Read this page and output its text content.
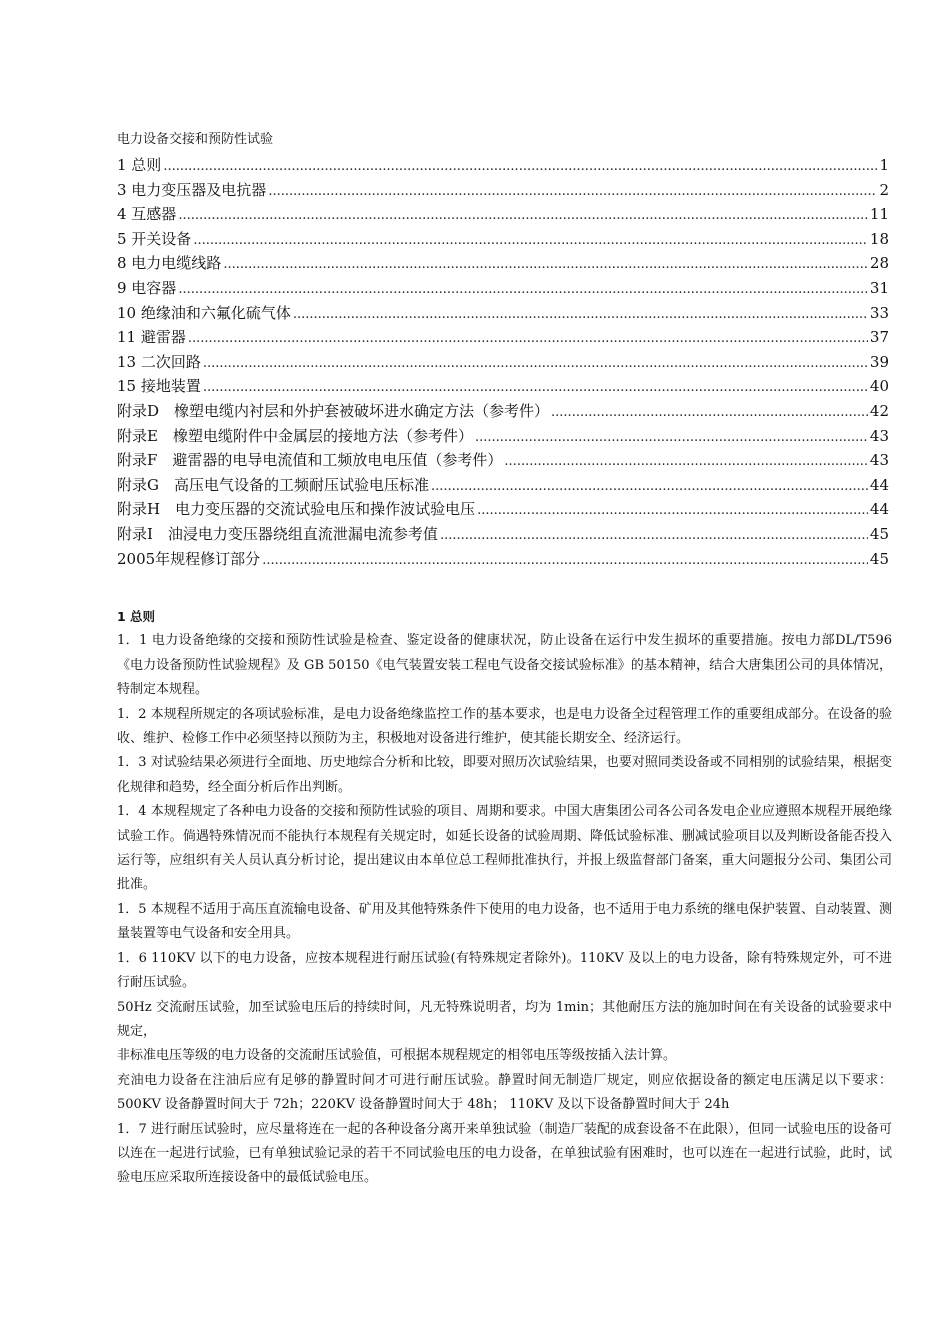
电力设备交接和预防性试验
1 总则 .....	1
3 电力变压器及电抗器 .....	2
4 互感器 .....	11
5 开关设备 .....	18
8 电力电缆线路 .....	28
9 电容器 .....	31
10 绝缘油和六氟化硫气体 .....	33
11 避雷器 .....	37
13 二次回路 .....	39
15 接地装置 .....	40
附录D　橡塑电缆内衬层和外护套被破坏进水确定方法（参考件） .....	42
附录E　橡塑电缆附件中金属层的接地方法（参考件） .....	43
附录F　避雷器的电导电流值和工频放电电压值（参考件） .....	43
附录G　高压电气设备的工频耐压试验电压标准 .....	44
附录H　电力变压器的交流试验电压和操作波试验电压 .....	44
附录I　油浸电力变压器绕组直流泄漏电流参考值 .....	45
2005年规程修订部分 .....	45
1 总则

1．1 电力设备绝缘的交接和预防性试验是检查、鉴定设备的健康状况，防止设备在运行中发生损坏的重要措施。按电力部DL/T596《电力设备预防性试验规程》及 GB 50150《电气装置安装工程电气设备交接试验标准》的基本精神，结合大唐集团公司的具体情况，特制定本规程。

1．2 本规程所规定的各项试验标准，是电力设备绝缘监控工作的基本要求，也是电力设备全过程管理工作的重要组成部分。在设备的验收、维护、检修工作中必须坚持以预防为主，积极地对设备进行维护，使其能长期安全、经济运行。

1．3 对试验结果必须进行全面地、历史地综合分析和比较，即要对照历次试验结果，也要对照同类设备或不同相别的试验结果，根据变化规律和趋势，经全面分析后作出判断。

1．4 本规程规定了各种电力设备的交接和预防性试验的项目、周期和要求。中国大唐集团公司各公司各发电企业应遵照本规程开展绝缘试验工作。倘遇特殊情况而不能执行本规程有关规定时，如延长设备的试验周期、降低试验标准、删减试验项目以及判断设备能否投入运行等，应组织有关人员认真分析讨论，提出建议由本单位总工程师批准执行，并报上级监督部门备案，重大问题报分公司、集团公司批准。

1．5 本规程不适用于高压直流输电设备、矿用及其他特殊条件下使用的电力设备，也不适用于电力系统的继电保护装置、自动装置、测量装置等电气设备和安全用具。

1．6 110KV 以下的电力设备，应按本规程进行耐压试验(有特殊规定者除外)。110KV 及以上的电力设备，除有特殊规定外，可不进行耐压试验。

50Hz 交流耐压试验，加至试验电压后的持续时间，凡无特殊说明者，均为 1min；其他耐压方法的施加时间在有关设备的试验要求中规定，

非标准电压等级的电力设备的交流耐压试验值，可根据本规程规定的相邻电压等级按插入法计算。

充油电力设备在注油后应有足够的静置时间才可进行耐压试验。静置时间无制造厂规定，则应依据设备的额定电压满足以下要求： 500KV 设备静置时间大于 72h；220KV 设备静置时间大于 48h； 110KV 及以下设备静置时间大于 24h

1．7 进行耐压试验时，应尽量将连在一起的各种设备分离开来单独试验（制造厂装配的成套设备不在此限），但同一试验电压的设备可以连在一起进行试验，已有单独试验记录的若干不同试验电压的电力设备，在单独试验有困难时，也可以连在一起进行试验，此时，试验电压应采取所连接设备中的最低试验电压。
